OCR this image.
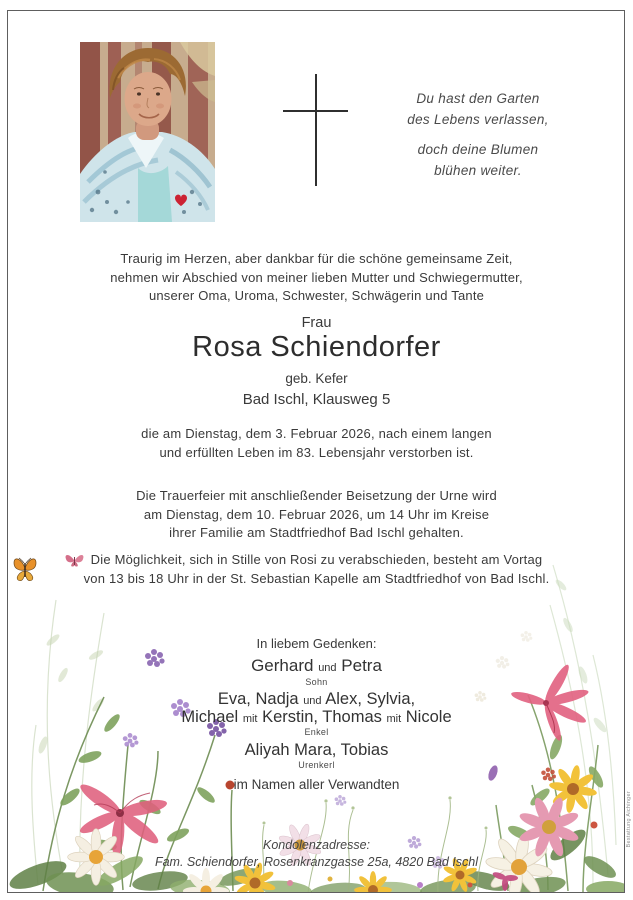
Du hast den Garten
des Lebens verlassen,
doch deine Blumen
blühen weiter.
Traurig im Herzen, aber dankbar für die schöne gemeinsame Zeit,
nehmen wir Abschied von meiner lieben Mutter und Schwiegermutter,
unserer Oma, Uroma, Schwester, Schwägerin und Tante
Frau
Rosa Schiendorfer
geb. Kefer
Bad Ischl, Klausweg 5
die am Dienstag, dem 3. Februar 2026, nach einem langen
und erfüllten Leben im 83. Lebensjahr verstorben ist.
Die Trauerfeier mit anschließender Beisetzung der Urne wird
am Dienstag, dem 10. Februar 2026, um 14 Uhr im Kreise
ihrer Familie am Stadtfriedhof Bad Ischl gehalten.
Die Möglichkeit, sich in Stille von Rosi zu verabschieden, besteht am Vortag
von 13 bis 18 Uhr in der St. Sebastian Kapelle am Stadtfriedhof von Bad Ischl.
In liebem Gedenken:
Gerhard und Petra
Sohn
Eva, Nadja und Alex, Sylvia,
Michael mit Kerstin, Thomas mit Nicole
Enkel
Aliyah Mara, Tobias
Urenkerl
im Namen aller Verwandten
Kondolenzadresse:
Fam. Schiendorfer, Rosenkranzgasse 25a, 4820 Bad Ischl
Bestattung Aichinger
